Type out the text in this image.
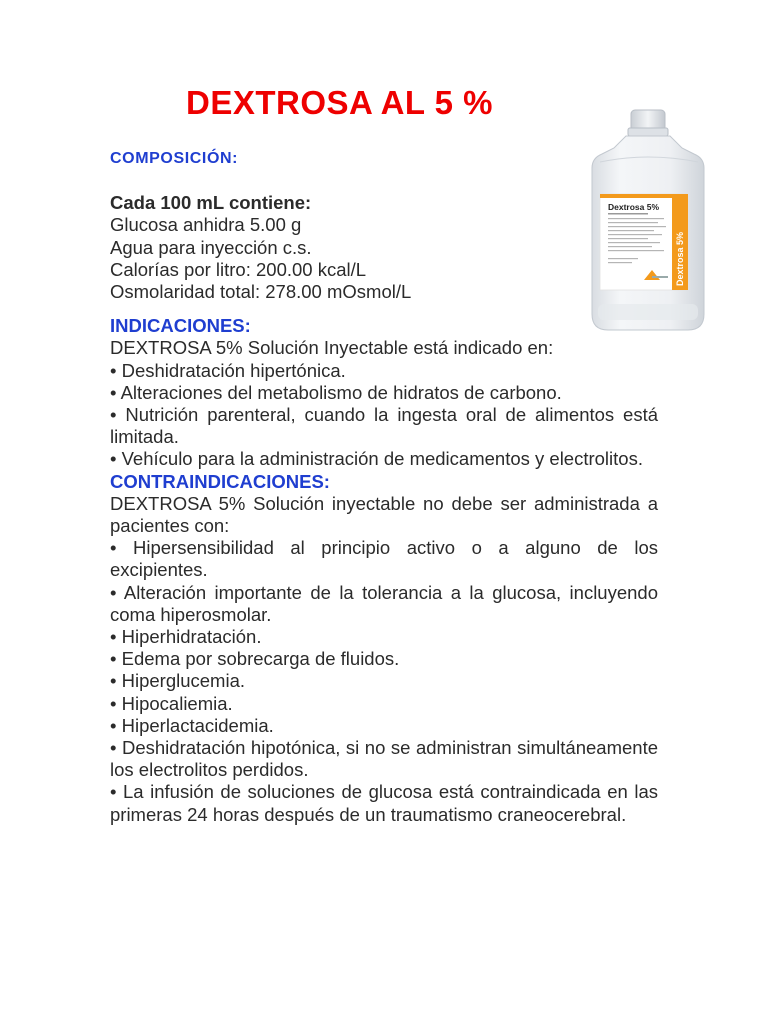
DEXTROSA AL 5 %
Dextrosa 5%
Dextrosa 5%
COMPOSICIÓN:
Cada 100 mL contiene:
Glucosa anhidra 5.00 g
Agua para inyección c.s.
Calorías por litro: 200.00 kcal/L
Osmolaridad total: 278.00 mOsmol/L
INDICACIONES:
DEXTROSA 5% Solución Inyectable está indicado en:
• Deshidratación hipertónica.
• Alteraciones del metabolismo de hidratos de carbono.
• Nutrición parenteral, cuando la ingesta oral de alimentos está limitada.
• Vehículo para la administración de medicamentos y electrolitos.
CONTRAINDICACIONES:
DEXTROSA 5% Solución inyectable no debe ser administrada a pacientes con:
• Hipersensibilidad al principio activo o a alguno de los excipientes.
• Alteración importante de la tolerancia a la glucosa, incluyendo coma hiperosmolar.
• Hiperhidratación.
• Edema por sobrecarga de fluidos.
• Hiperglucemia.
• Hipocaliemia.
• Hiperlactacidemia.
• Deshidratación hipotónica, si no se administran simultáneamente los electrolitos perdidos.
• La infusión de soluciones de glucosa está contraindicada en las primeras 24 horas después de un traumatismo craneocerebral.
